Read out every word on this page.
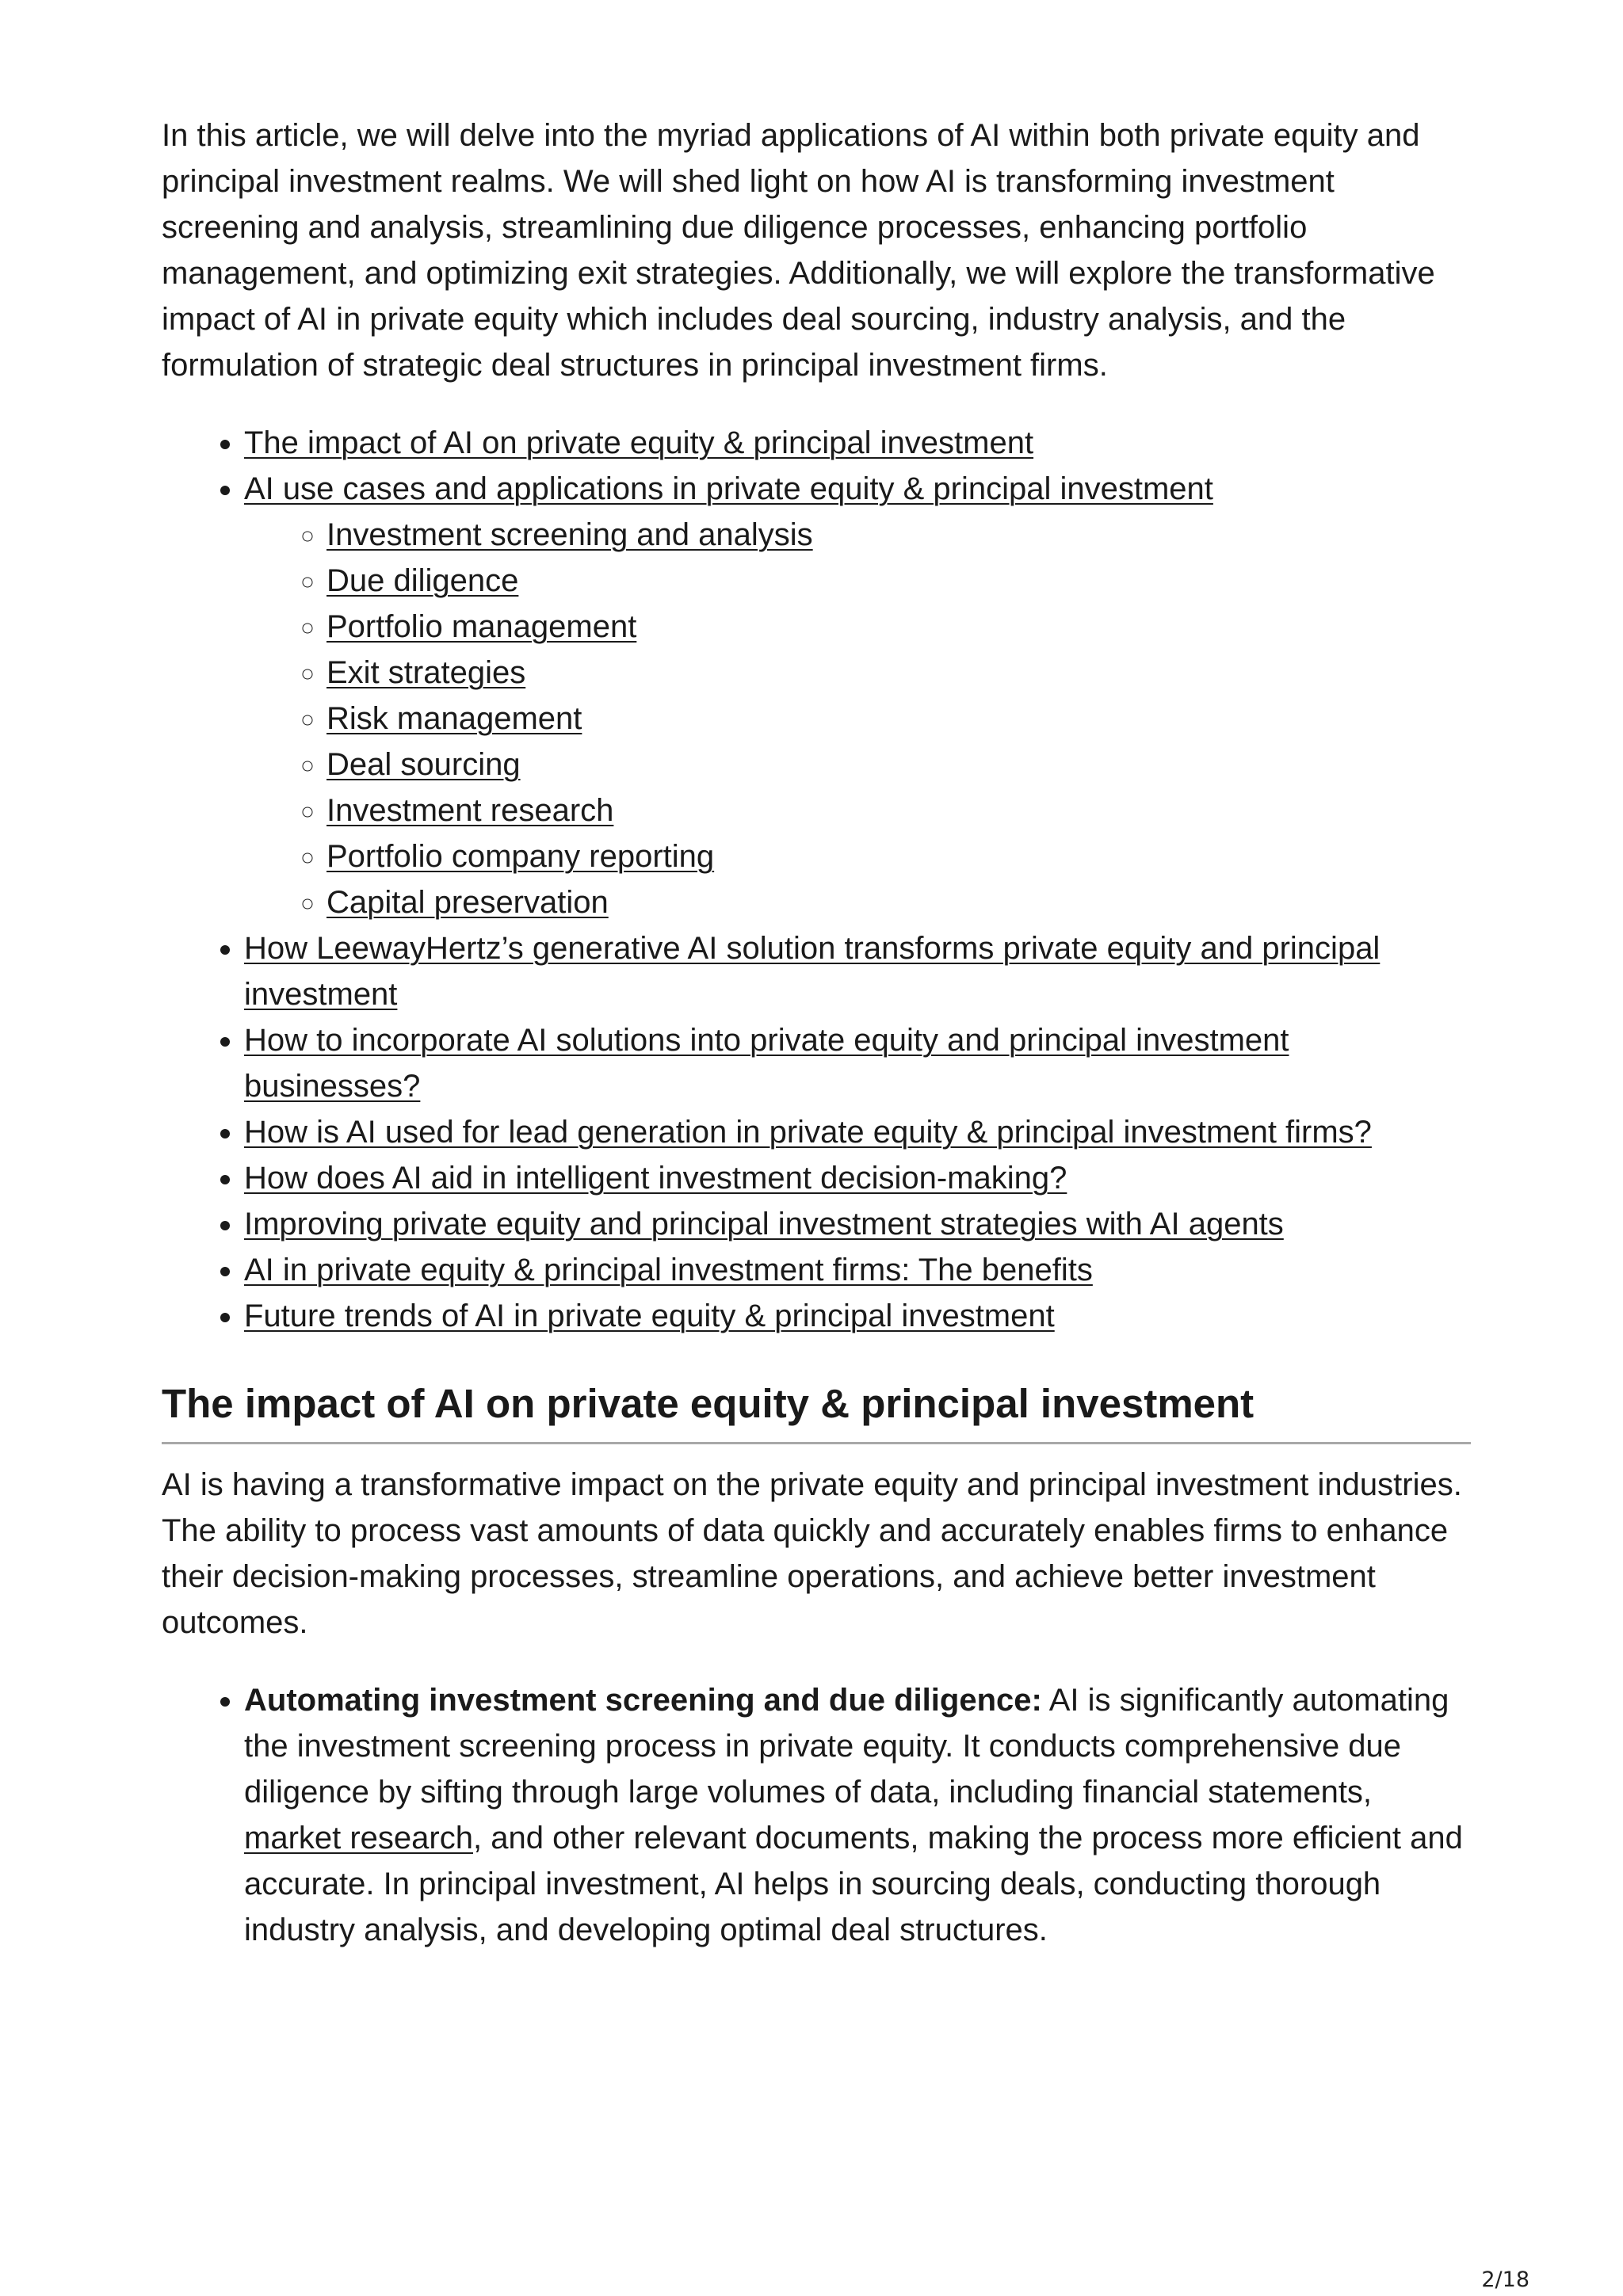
In this article, we will delve into the myriad applications of AI within both private equity and principal investment realms. We will shed light on how AI is transforming investment screening and analysis, streamlining due diligence processes, enhancing portfolio management, and optimizing exit strategies. Additionally, we will explore the transformative impact of AI in private equity which includes deal sourcing, industry analysis, and the formulation of strategic deal structures in principal investment firms.

• The impact of AI on private equity & principal investment
• AI use cases and applications in private equity & principal investment
◦ Investment screening and analysis
◦ Due diligence
◦ Portfolio management
◦ Exit strategies
◦ Risk management
◦ Deal sourcing
◦ Investment research
◦ Portfolio company reporting
◦ Capital preservation
• How LeewayHertz’s generative AI solution transforms private equity and principal investment
• How to incorporate AI solutions into private equity and principal investment businesses?
• How is AI used for lead generation in private equity & principal investment firms?
• How does AI aid in intelligent investment decision-making?
• Improving private equity and principal investment strategies with AI agents
• AI in private equity & principal investment firms: The benefits
• Future trends of AI in private equity & principal investment
The impact of AI on private equity & principal investment

AI is having a transformative impact on the private equity and principal investment industries. The ability to process vast amounts of data quickly and accurately enables firms to enhance their decision-making processes, streamline operations, and achieve better investment outcomes.

• Automating investment screening and due diligence: AI is significantly automating the investment screening process in private equity. It conducts comprehensive due diligence by sifting through large volumes of data, including financial statements, market research, and other relevant documents, making the process more efficient and accurate. In principal investment, AI helps in sourcing deals, conducting thorough industry analysis, and developing optimal deal structures.
2/18
